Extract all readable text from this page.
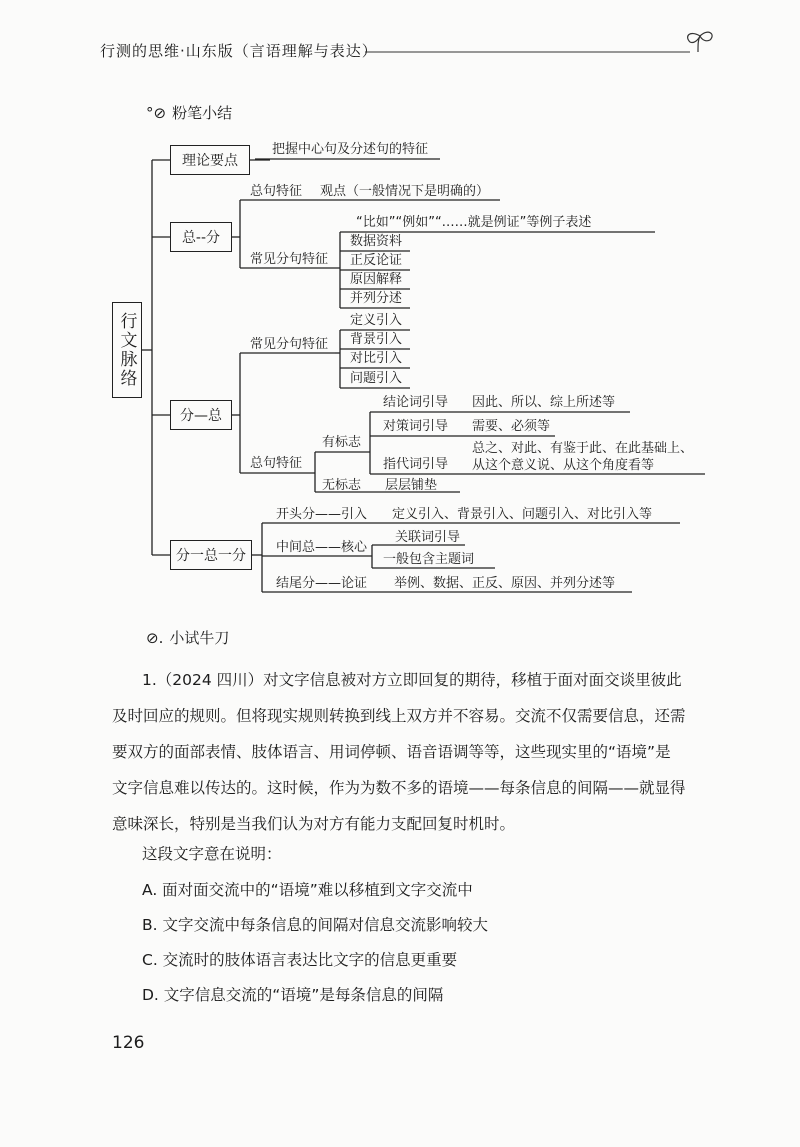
行测的思维·山东版（言语理解与表达）
°⊘ 粉笔小结
行文脉络
理论要点
把握中心句及分述句的特征
总--分
总句特征 观点（一般情况下是明确的）
常见分句特征
“比如”“例如”“……就是例证”等例子表述
数据资料
正反论证
原因解释
并列分述
分—总
常见分句特征
定义引入
背景引入
对比引入
问题引入
总句特征
有标志
结论词引导 因此、所以、综上所述等
对策词引导 需要、必须等
指代词引导
总之、对此、有鉴于此、在此基础上、
从这个意义说、从这个角度看等
无标志 层层铺垫
分一总一分
开头分——引入 定义引入、背景引入、问题引入、对比引入等
中间总——核心
关联词引导
一般包含主题词
结尾分——论证 举例、数据、正反、原因、并列分述等
⊘. 小试牛刀
1.（2024 四川）对文字信息被对方立即回复的期待，移植于面对面交谈里彼此
及时回应的规则。但将现实规则转换到线上双方并不容易。交流不仅需要信息，还需
要双方的面部表情、肢体语言、用词停顿、语音语调等等，这些现实里的“语境”是
文字信息难以传达的。这时候，作为为数不多的语境——每条信息的间隔——就显得
意味深长，特别是当我们认为对方有能力支配回复时机时。
这段文字意在说明：
A. 面对面交流中的“语境”难以移植到文字交流中
B. 文字交流中每条信息的间隔对信息交流影响较大
C. 交流时的肢体语言表达比文字的信息更重要
D. 文字信息交流的“语境”是每条信息的间隔
126
